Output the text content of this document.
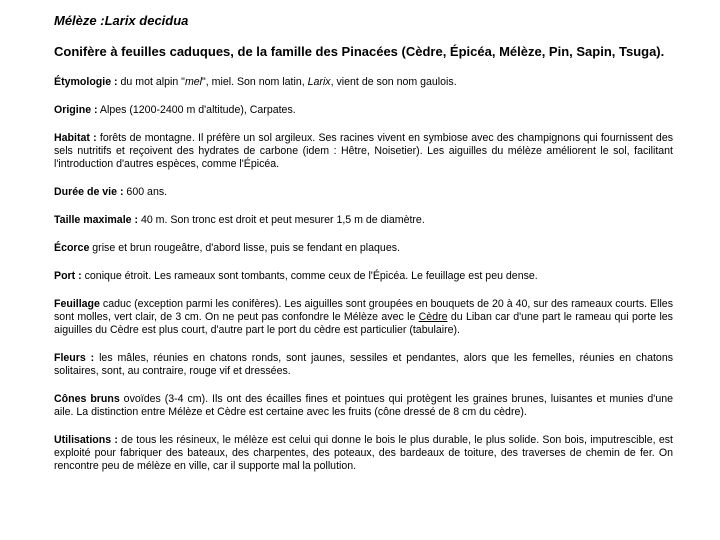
Mélèze :Larix decidua

Conifère à feuilles caduques, de la famille des Pinacées (Cèdre, Épicéa, Mélèze, Pin, Sapin, Tsuga).

Étymologie : du mot alpin "mel", miel. Son nom latin, Larix, vient de son nom gaulois.

Origine : Alpes (1200-2400 m d'altitude), Carpates.

Habitat : forêts de montagne. Il préfère un sol argileux. Ses racines vivent en symbiose avec des champignons qui fournissent des sels nutritifs et reçoivent des hydrates de carbone (idem : Hêtre, Noisetier). Les aiguilles du mélèze améliorent le sol, facilitant l'introduction d'autres espèces, comme l'Épicéa.

Durée de vie : 600 ans.

Taille maximale : 40 m. Son tronc est droit et peut mesurer 1,5 m de diamètre.

Écorce grise et brun rougeâtre, d'abord lisse, puis se fendant en plaques.

Port : conique étroit. Les rameaux sont tombants, comme ceux de l'Épicéa. Le feuillage est peu dense.

Feuillage caduc (exception parmi les conifères). Les aiguilles sont groupées en bouquets de 20 à 40, sur des rameaux courts. Elles sont molles, vert clair, de 3 cm. On ne peut pas confondre le Mélèze avec le Cèdre du Liban car d'une part le rameau qui porte les aiguilles du Cèdre est plus court, d'autre part le port du cèdre est particulier (tabulaire).

Fleurs : les mâles, réunies en chatons ronds, sont jaunes, sessiles et pendantes, alors que les femelles, réunies en chatons solitaires, sont, au contraire, rouge vif et dressées.

Cônes bruns ovoïdes (3-4 cm). Ils ont des écailles fines et pointues qui protègent les graines brunes, luisantes et munies d'une aile. La distinction entre Mélèze et Cèdre est certaine avec les fruits (cône dressé de 8 cm du cèdre).

Utilisations : de tous les résineux, le mélèze est celui qui donne le bois le plus durable, le plus solide. Son bois, imputrescible, est exploité pour fabriquer des bateaux, des charpentes, des poteaux, des bardeaux de toiture, des traverses de chemin de fer. On rencontre peu de mélèze en ville, car il supporte mal la pollution.
